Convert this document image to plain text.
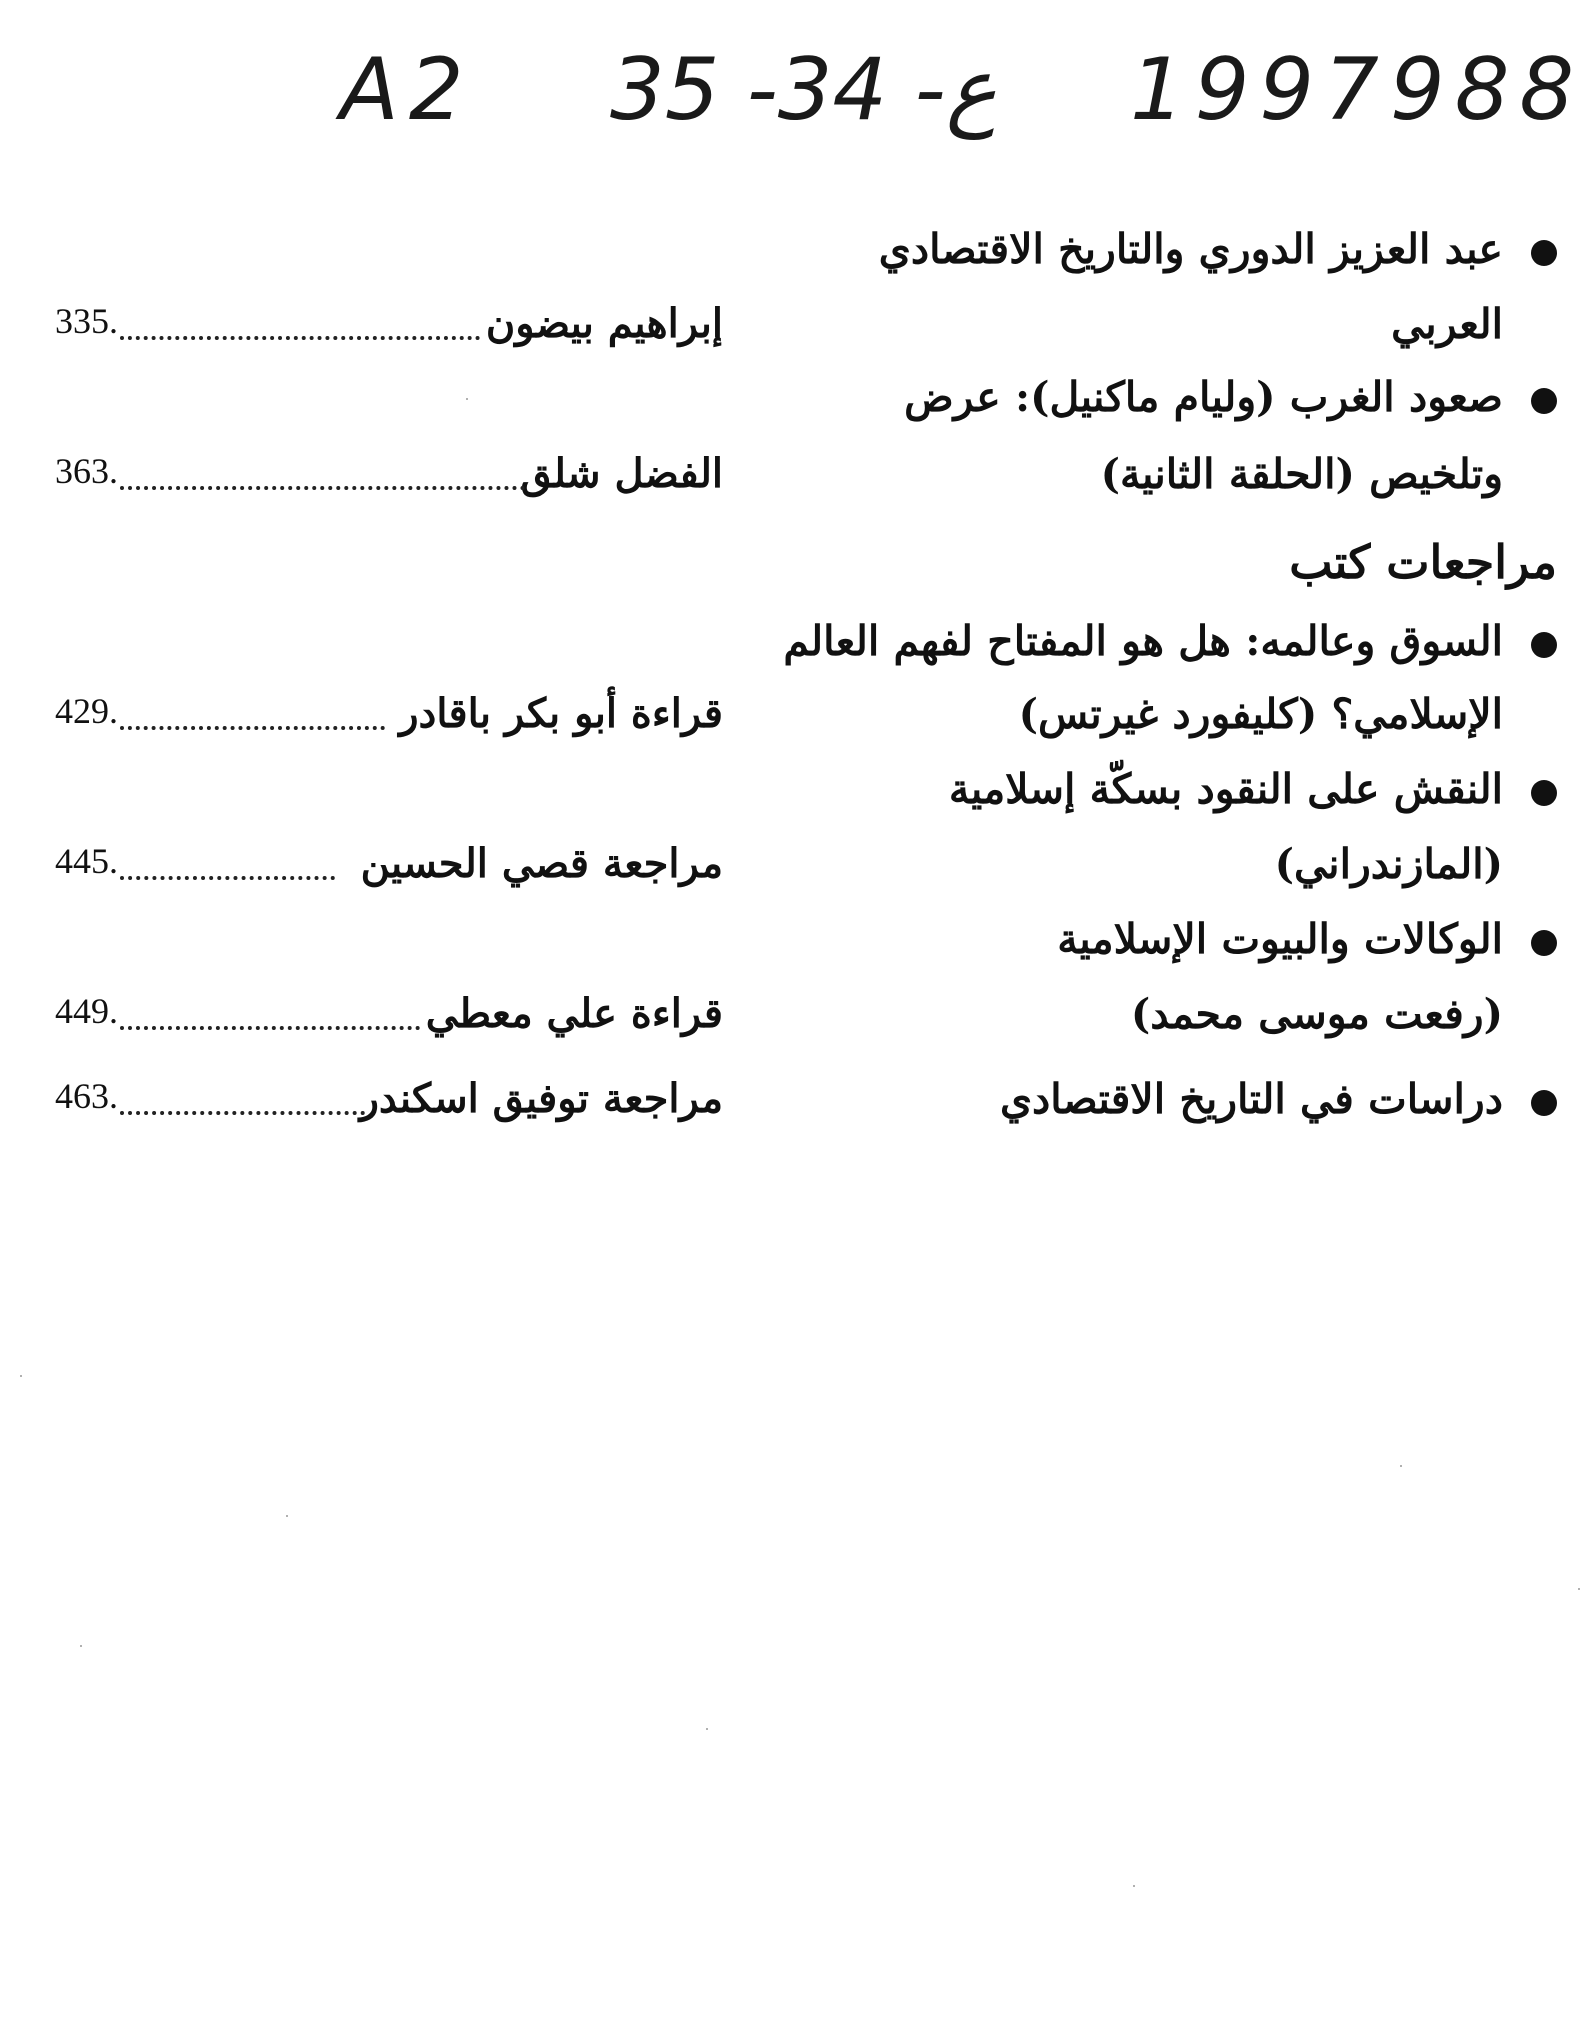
A2 35 -34 -ع 1997 988
عبد العزيز الدوري والتاريخ الاقتصادي
العربي
إبراهيم بيضون
335.
صعود الغرب (وليام ماكنيل): عرض
وتلخيص (الحلقة الثانية)
الفضل شلق
363.
مراجعات كتب
السوق وعالمه: هل هو المفتاح لفهم العالم
الإسلامي؟ (كليفورد غيرتس)
قراءة أبو بكر باقادر
429.
النقش على النقود بسكّة إسلامية
(المازندراني)
مراجعة قصي الحسين
445.
الوكالات والبيوت الإسلامية
(رفعت موسى محمد)
قراءة علي معطي
449.
دراسات في التاريخ الاقتصادي
مراجعة توفيق اسكندر
463.
